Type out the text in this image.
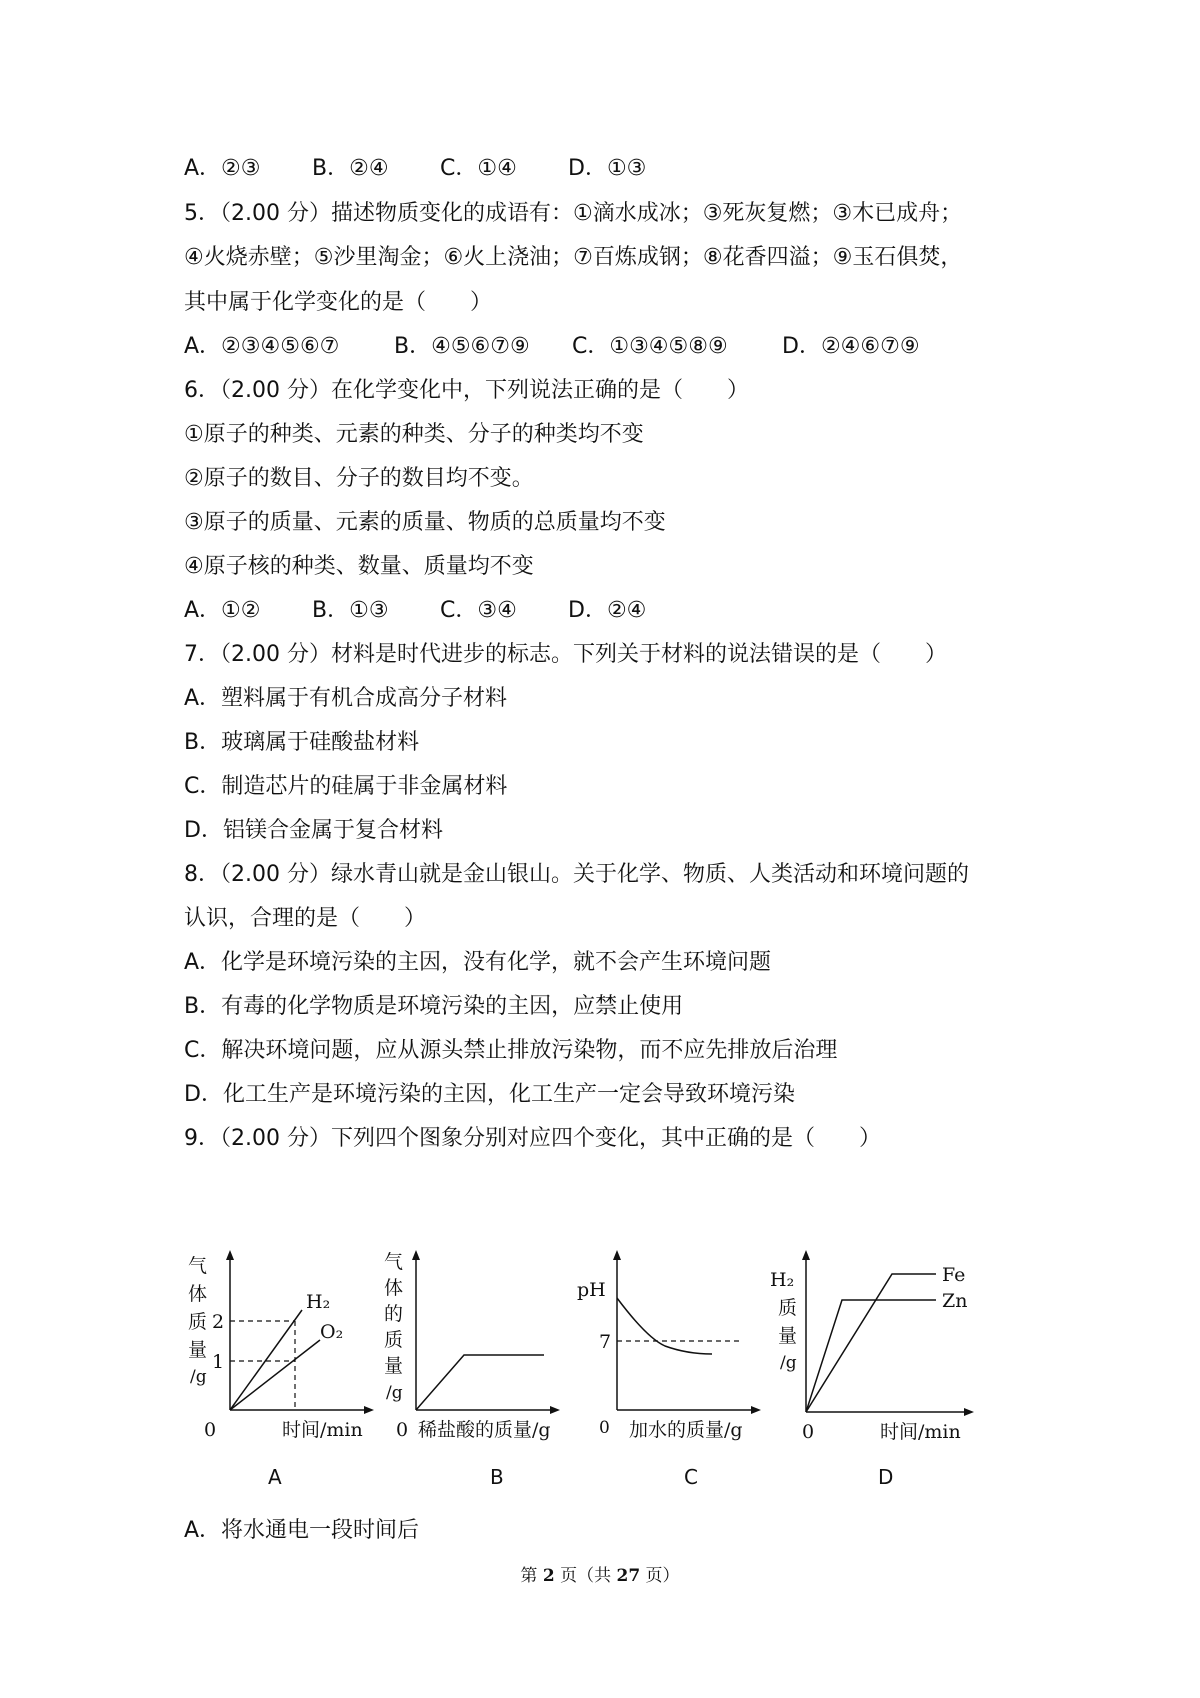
A．②③ B．②④ C．①④ D．①③
5．（2.00 分）描述物质变化的成语有：①滴水成冰；③死灰复燃；③木已成舟；
④火烧赤壁；⑤沙里淘金；⑥火上浇油；⑦百炼成钢；⑧花香四溢；⑨玉石俱焚，
其中属于化学变化的是（　　）
A．②③④⑤⑥⑦ B．④⑤⑥⑦⑨ C．①③④⑤⑧⑨ D．②④⑥⑦⑨
6．（2.00 分）在化学变化中，下列说法正确的是（　　）
①原子的种类、元素的种类、分子的种类均不变
②原子的数目、分子的数目均不变。
③原子的质量、元素的质量、物质的总质量均不变
④原子核的种类、数量、质量均不变
A．①② B．①③ C．③④ D．②④
7．（2.00 分）材料是时代进步的标志。下列关于材料的说法错误的是（　　）
A．塑料属于有机合成高分子材料
B．玻璃属于硅酸盐材料
C．制造芯片的硅属于非金属材料
D．铝镁合金属于复合材料
8．（2.00 分）绿水青山就是金山银山。关于化学、物质、人类活动和环境问题的
认识，合理的是（　　）
A．化学是环境污染的主因，没有化学，就不会产生环境问题
B．有毒的化学物质是环境污染的主因，应禁止使用
C．解决环境问题，应从源头禁止排放污染物，而不应先排放后治理
D．化工生产是环境污染的主因，化工生产一定会导致环境污染
9．（2.00 分）下列四个图象分别对应四个变化，其中正确的是（　　）
气
体
质
量
/g
2
1
H₂
O₂
0	时间/min
气
体
的
质
量
/g
0 稀盐酸的质量/g
pH
7
0 加水的质量/g
H₂
质
量
/g
Fe
Zn
0	时间/min
A	B	C	D
A．将水通电一段时间后
第 2 页（共 27 页）
